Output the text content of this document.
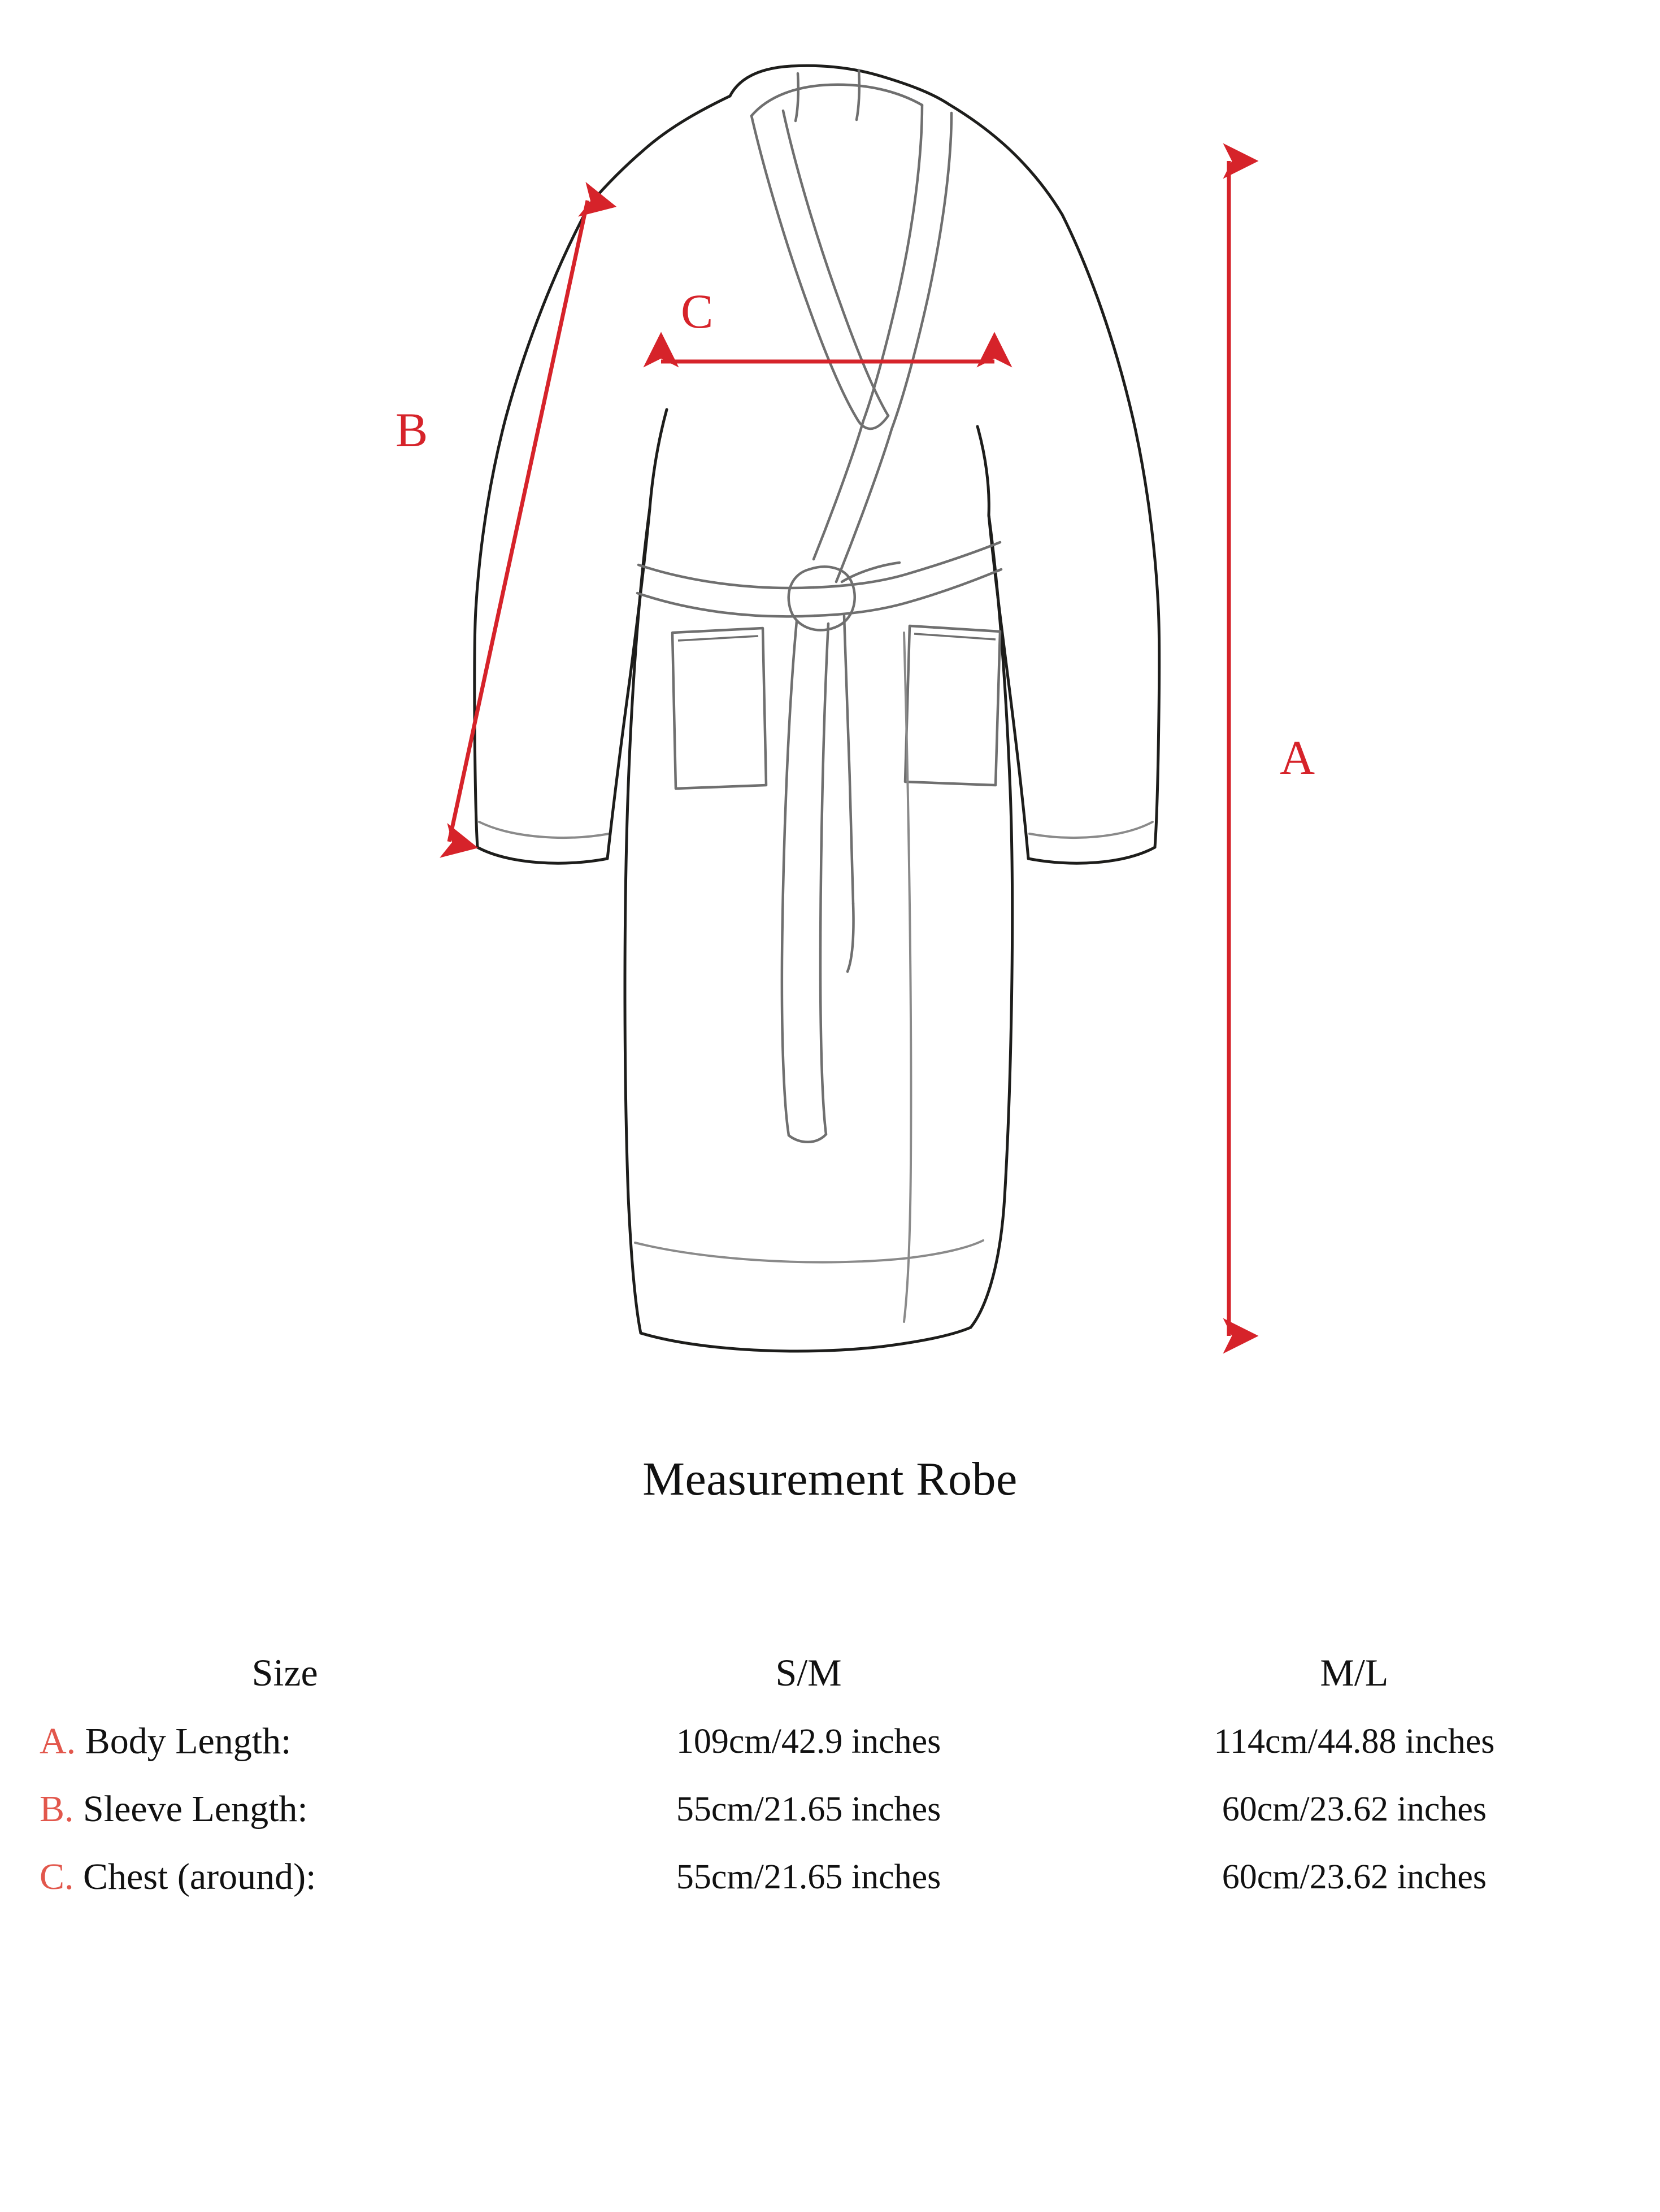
A
B
C
Measurement Robe
Size	S/M	M/L
A. Body Length:	109cm/42.9 inches	114cm/44.88 inches
B. Sleeve Length:	55cm/21.65 inches	60cm/23.62 inches
C. Chest (around):	55cm/21.65 inches	60cm/23.62 inches
